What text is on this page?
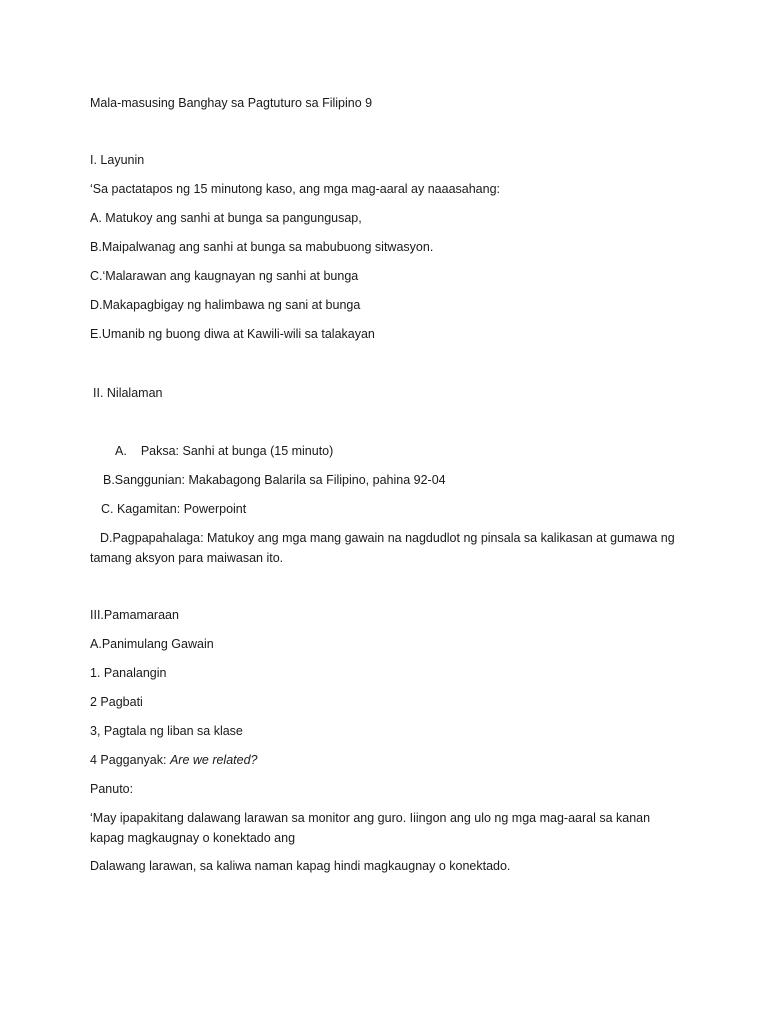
Mala-masusing Banghay sa Pagtuturo sa Filipino 9
I. Layunin
‘Sa pactatapos ng 15 minutong kaso, ang mga mag-aaral ay naaasahang:
A. Matukoy ang sanhi at bunga sa pangungusap,
B.Maipalwanag ang sanhi at bunga sa mabubuong sitwasyon.
C.‘Malarawan ang kaugnayan ng sanhi at bunga
D.Makapagbigay ng halimbawa ng sani at bunga
E.Umanib ng buong diwa at Kawili-wili sa talakayan
II. Nilalaman
A. Paksa: Sanhi at bunga (15 minuto)
B.Sanggunian: Makabagong Balarila sa Filipino, pahina 92-04
C. Kagamitan: Powerpoint
D.Pagpapahalaga: Matukoy ang mga mang gawain na nagdudlot ng pinsala sa kalikasan at gumawa ng tamang aksyon para maiwasan ito.
III.Pamamaraan
A.Panimulang Gawain
1. Panalangin
2 Pagbati
3, Pagtala ng liban sa klase
4 Pagganyak: Are we related?
Panuto:
‘May ipapakitang dalawang larawan sa monitor ang guro. Iiingon ang ulo ng mga mag-aaral sa kanan kapag magkaugnay o konektado ang
Dalawang larawan, sa kaliwa naman kapag hindi magkaugnay o konektado.
